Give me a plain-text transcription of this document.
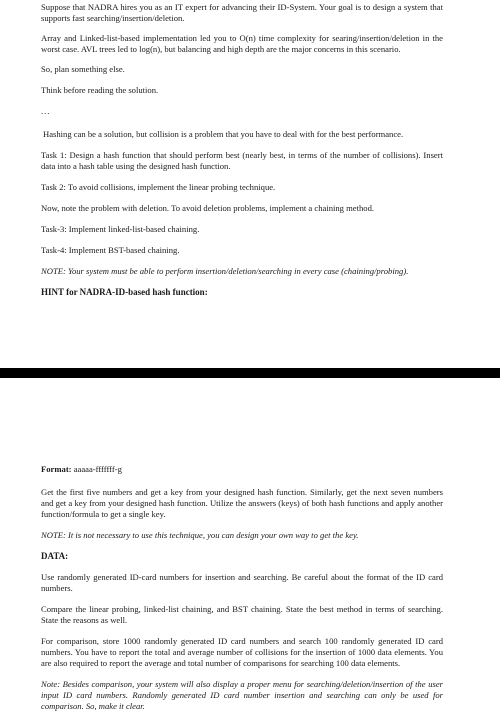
Suppose that NADRA hires you as an IT expert for advancing their ID-System. Your goal is to design a system that supports fast searching/insertion/deletion.

Array and Linked-list-based implementation led you to O(n) time complexity for searing/insertion/deletion in the worst case. AVL trees led to log(n), but balancing and high depth are the major concerns in this scenario.

So, plan something else.

Think before reading the solution.

...

Hashing can be a solution, but collision is a problem that you have to deal with for the best performance.

Task 1: Design a hash function that should perform best (nearly best, in terms of the number of collisions). Insert data into a hash table using the designed hash function.

Task 2: To avoid collisions, implement the linear probing technique.

Now, note the problem with deletion. To avoid deletion problems, implement a chaining method.

Task-3: Implement linked-list-based chaining.

Task-4: Implement BST-based chaining.

NOTE: Your system must be able to perform insertion/deletion/searching in every case (chaining/probing).

HINT for NADRA-ID-based hash function:

Format: aaaaa-fffffff-g

Get the first five numbers and get a key from your designed hash function. Similarly, get the next seven numbers and get a key from your designed hash function. Utilize the answers (keys) of both hash functions and apply another function/formula to get a single key.

NOTE: It is not necessary to use this technique, you can design your own way to get the key.

DATA:

Use randomly generated ID-card numbers for insertion and searching. Be careful about the format of the ID card numbers.

Compare the linear probing, linked-list chaining, and BST chaining. State the best method in terms of searching. State the reasons as well.

For comparison, store 1000 randomly generated ID card numbers and search 100 randomly generated ID card numbers. You have to report the total and average number of collisions for the insertion of 1000 data elements. You are also required to report the average and total number of comparisons for searching 100 data elements.

Note: Besides comparison, your system will also display a proper menu for searching/deletion/insertion of the user input ID card numbers. Randomly generated ID card number insertion and searching can only be used for comparison. So, make it clear.
